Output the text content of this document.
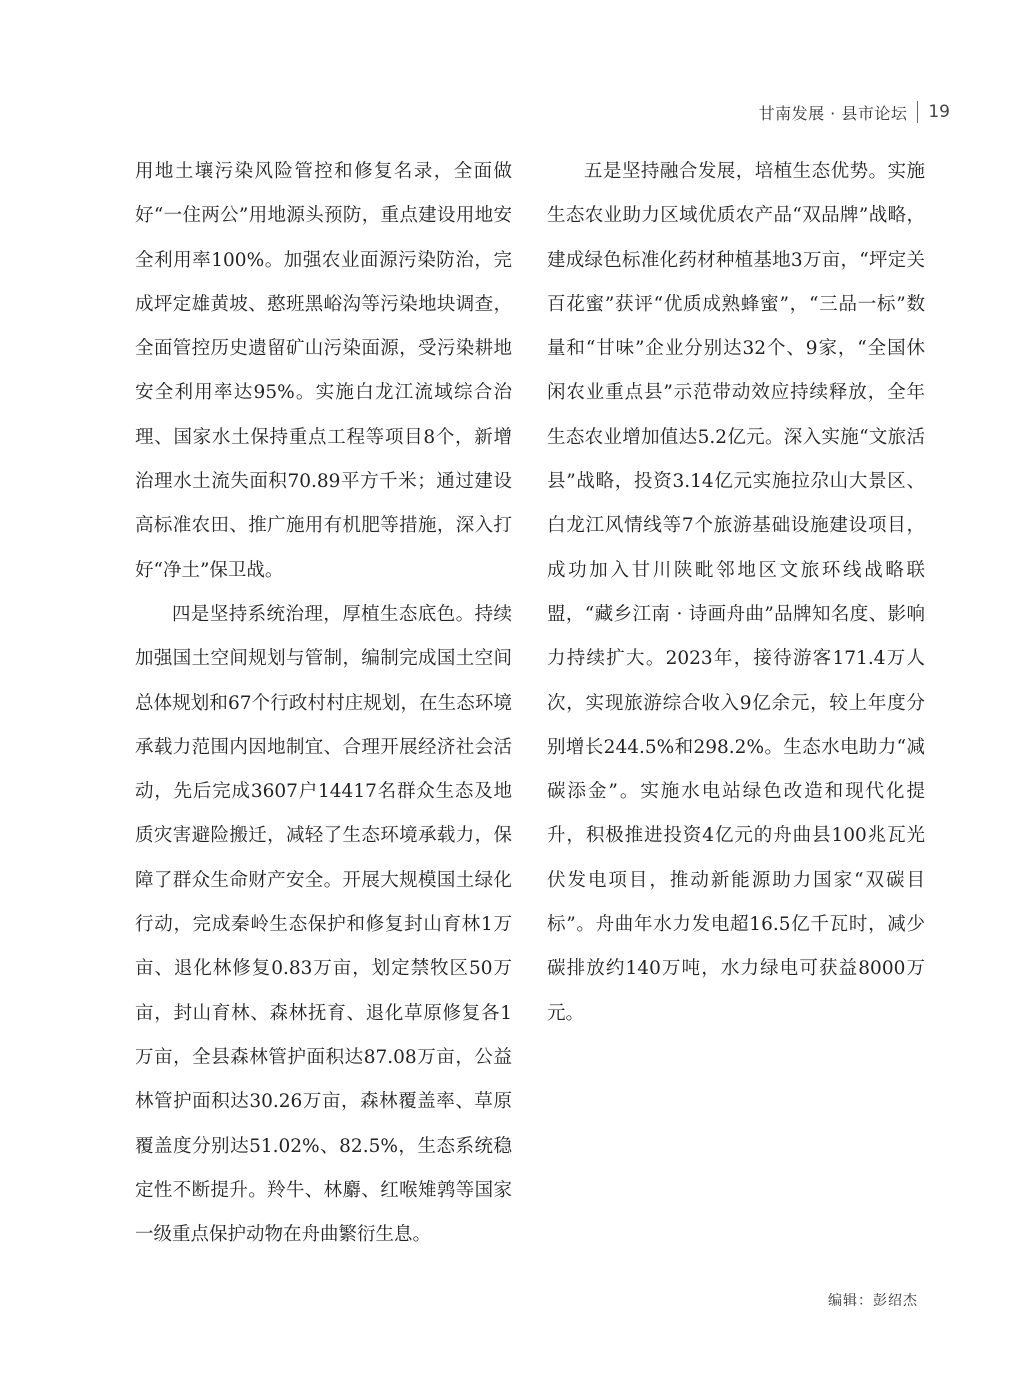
甘南发展 · 县市论坛 19

用地土壤污染风险管控和修复名录，全面做好“一住两公”用地源头预防，重点建设用地安全利用率100%。加强农业面源污染防治，完成坪定雄黄坡、憨班黑峪沟等污染地块调查，全面管控历史遗留矿山污染面源，受污染耕地安全利用率达95%。实施白龙江流域综合治理、国家水土保持重点工程等项目8个，新增治理水土流失面积70.89平方千米；通过建设高标准农田、推广施用有机肥等措施，深入打好“净土”保卫战。

四是坚持系统治理，厚植生态底色。持续加强国土空间规划与管制，编制完成国土空间总体规划和67个行政村村庄规划，在生态环境承载力范围内因地制宜、合理开展经济社会活动，先后完成3607户14417名群众生态及地质灾害避险搬迁，减轻了生态环境承载力，保障了群众生命财产安全。开展大规模国土绿化行动，完成秦岭生态保护和修复封山育林1万亩、退化林修复0.83万亩，划定禁牧区50万亩，封山育林、森林抚育、退化草原修复各1万亩，全县森林管护面积达87.08万亩，公益林管护面积达30.26万亩，森林覆盖率、草原覆盖度分别达51.02%、82.5%，生态系统稳定性不断提升。羚牛、林麝、红喉雉鹑等国家一级重点保护动物在舟曲繁衍生息。

五是坚持融合发展，培植生态优势。实施生态农业助力区域优质农产品“双品牌”战略，建成绿色标准化药材种植基地3万亩，“坪定关百花蜜”获评“优质成熟蜂蜜”，“三品一标”数量和“甘味”企业分别达32个、9家，“全国休闲农业重点县”示范带动效应持续释放，全年生态农业增加值达5.2亿元。深入实施“文旅活县”战略，投资3.14亿元实施拉尕山大景区、白龙江风情线等7个旅游基础设施建设项目，成功加入甘川陕毗邻地区文旅环线战略联盟，“藏乡江南 · 诗画舟曲”品牌知名度、影响力持续扩大。2023年，接待游客171.4万人次，实现旅游综合收入9亿余元，较上年度分别增长244.5%和298.2%。生态水电助力“减碳添金”。实施水电站绿色改造和现代化提升，积极推进投资4亿元的舟曲县100兆瓦光伏发电项目，推动新能源助力国家“双碳目标”。舟曲年水力发电超16.5亿千瓦时，减少碳排放约140万吨，水力绿电可获益8000万元。

编辑：彭绍杰
